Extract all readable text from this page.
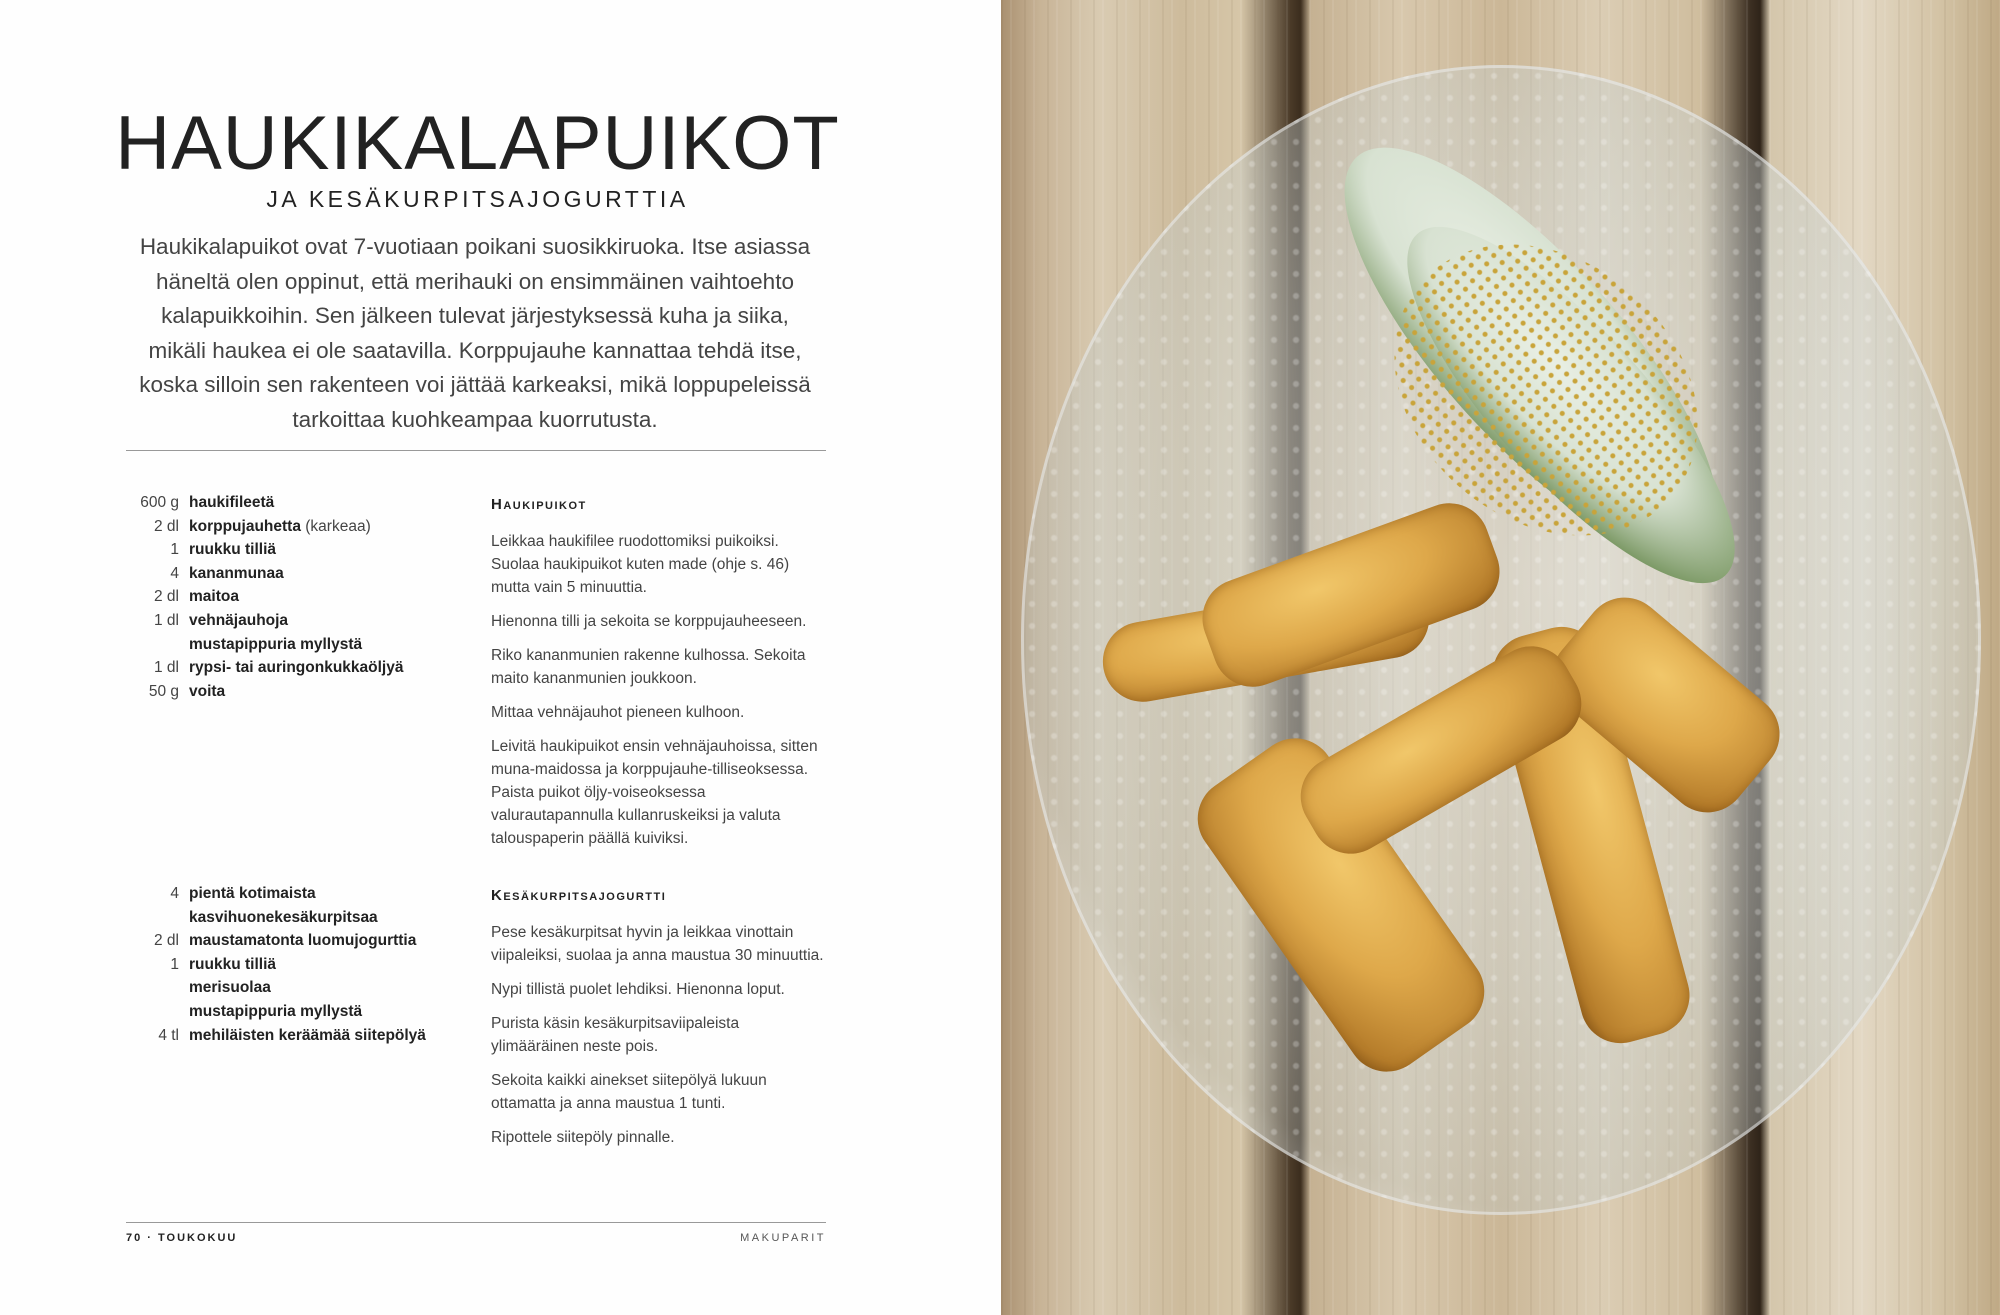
HAUKIKALAPUIKOT
JA KESÄKURPITSAJOGURTTIA

Haukikalapuikot ovat 7-vuotiaan poikani suosikkiruoka. Itse asiassa häneltä olen oppinut, että merihauki on ensimmäinen vaihtoehto kalapuikkoihin. Sen jälkeen tulevat järjestyksessä kuha ja siika, mikäli haukea ei ole saatavilla. Korppujauhe kannattaa tehdä itse, koska silloin sen rakenteen voi jättää karkeaksi, mikä loppupeleissä tarkoittaa kuohkeampaa kuorrutusta.

600 g haukifileetä
2 dl korppujauhetta (karkeaa)
1 ruukku tilliä
4 kananmunaa
2 dl maitoa
1 dl vehnäjauhoja
mustapippuria myllystä
1 dl rypsi- tai auringonkukkaöljyä
50 g voita
Haukipuikot

Leikkaa haukifilee ruodottomiksi puikoiksi. Suolaa haukipuikot kuten made (ohje s. 46) mutta vain 5 minuuttia.

Hienonna tilli ja sekoita se korppujauheeseen.

Riko kananmunien rakenne kulhossa. Sekoita maito kananmunien joukkoon.

Mittaa vehnäjauhot pieneen kulhoon.

Leivitä haukipuikot ensin vehnäjauhoissa, sitten muna-maidossa ja korppujauhe-tilliseoksessa. Paista puikot öljy-voiseoksessa valurautapannulla kullanruskeiksi ja valuta talouspaperin päällä kuiviksi.

4 pientä kotimaista kasvihuonekesäkurpitsaa
2 dl maustamatonta luomujogurttia
1 ruukku tilliä
merisuolaa
mustapippuria myllystä
4 tl mehiläisten keräämää siitepölyä
Kesäkurpitsajogurtti

Pese kesäkurpitsat hyvin ja leikkaa vinottain viipaleiksi, suolaa ja anna maustua 30 minuuttia.

Nypi tillistä puolet lehdiksi. Hienonna loput.

Purista käsin kesäkurpitsaviipaleista ylimääräinen neste pois.

Sekoita kaikki ainekset siitepölyä lukuun ottamatta ja anna maustua 1 tunti.

Ripottele siitepöly pinnalle.

70 · TOUKOKUU	MAKUPARIT
